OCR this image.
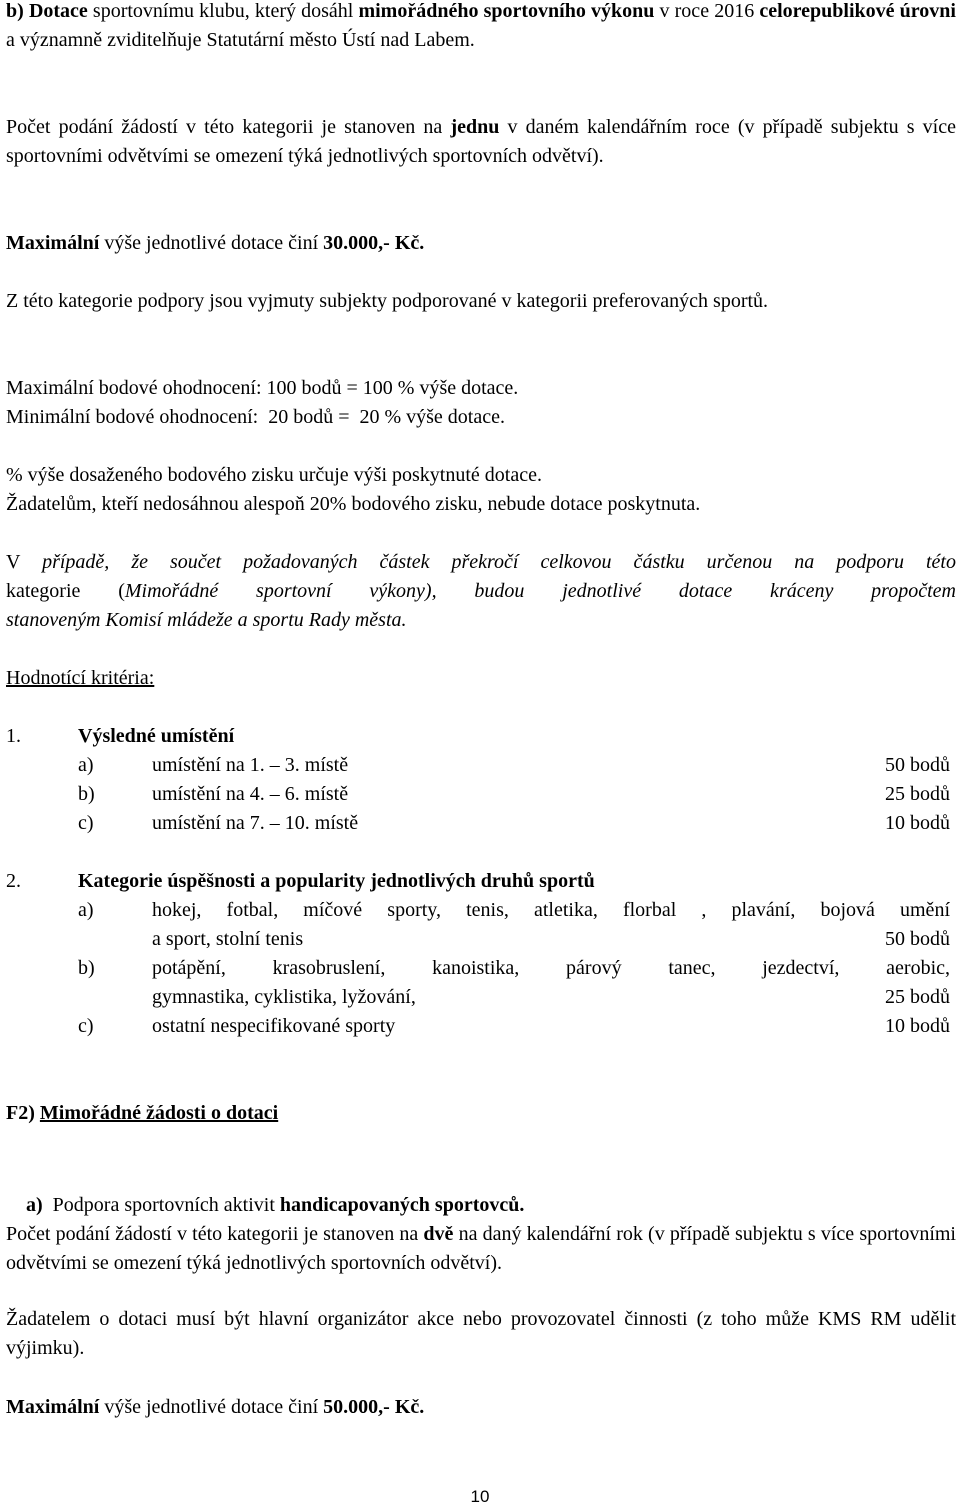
b) Dotace sportovnímu klubu, který dosáhl mimořádného sportovního výkonu v roce 2016 celorepublikové úrovni a významně zviditelňuje Statutární město Ústí nad Labem.

Počet podání žádostí v této kategorii je stanoven na jednu v daném kalendářním roce (v případě subjektu s více sportovními odvětvími se omezení týká jednotlivých sportovních odvětví).

Maximální výše jednotlivé dotace činí 30.000,- Kč.

Z této kategorie podpory jsou vyjmuty subjekty podporované v kategorii preferovaných sportů.

Maximální bodové ohodnocení: 100 bodů = 100 % výše dotace.

Minimální bodové ohodnocení:  20 bodů =  20 % výše dotace.

% výše dosaženého bodového zisku určuje výši poskytnuté dotace.

Žadatelům, kteří nedosáhnou alespoň 20% bodového zisku, nebude dotace poskytnuta.

V případě, že součet požadovaných částek překročí celkovou částku určenou na podporu této

kategorie (Mimořádné sportovní výkony), budou jednotlivé dotace kráceny propočtem

stanoveným Komisí mládeže a sportu Rady města.

Hodnotící kritéria:

1.	Výsledné umístění

a)	umístění na 1. – 3. místě	50 bodů

b)	umístění na 4. – 6. místě	25 bodů

c)	umístění na 7. – 10. místě	10 bodů

2.	Kategorie úspěšnosti a popularity jednotlivých druhů sportů

a)	hokej, fotbal, míčové sporty, tenis, atletika, florbal , plavání, bojová umění

a sport, stolní tenis	50 bodů

b)	potápění, krasobruslení, kanoistika, párový tanec, jezdectví, aerobic,

gymnastika, cyklistika, lyžování,	25 bodů

c)	ostatní nespecifikované sporty	10 bodů

F2) Mimořádné žádosti o dotaci

a)  Podpora sportovních aktivit handicapovaných sportovců.

Počet podání žádostí v této kategorii je stanoven na dvě na daný kalendářní rok (v případě subjektu s více sportovními odvětvími se omezení týká jednotlivých sportovních odvětví).

Žadatelem o dotaci musí být hlavní organizátor akce nebo provozovatel činnosti (z toho může KMS RM udělit výjimku).

Maximální výše jednotlivé dotace činí 50.000,- Kč.

10
